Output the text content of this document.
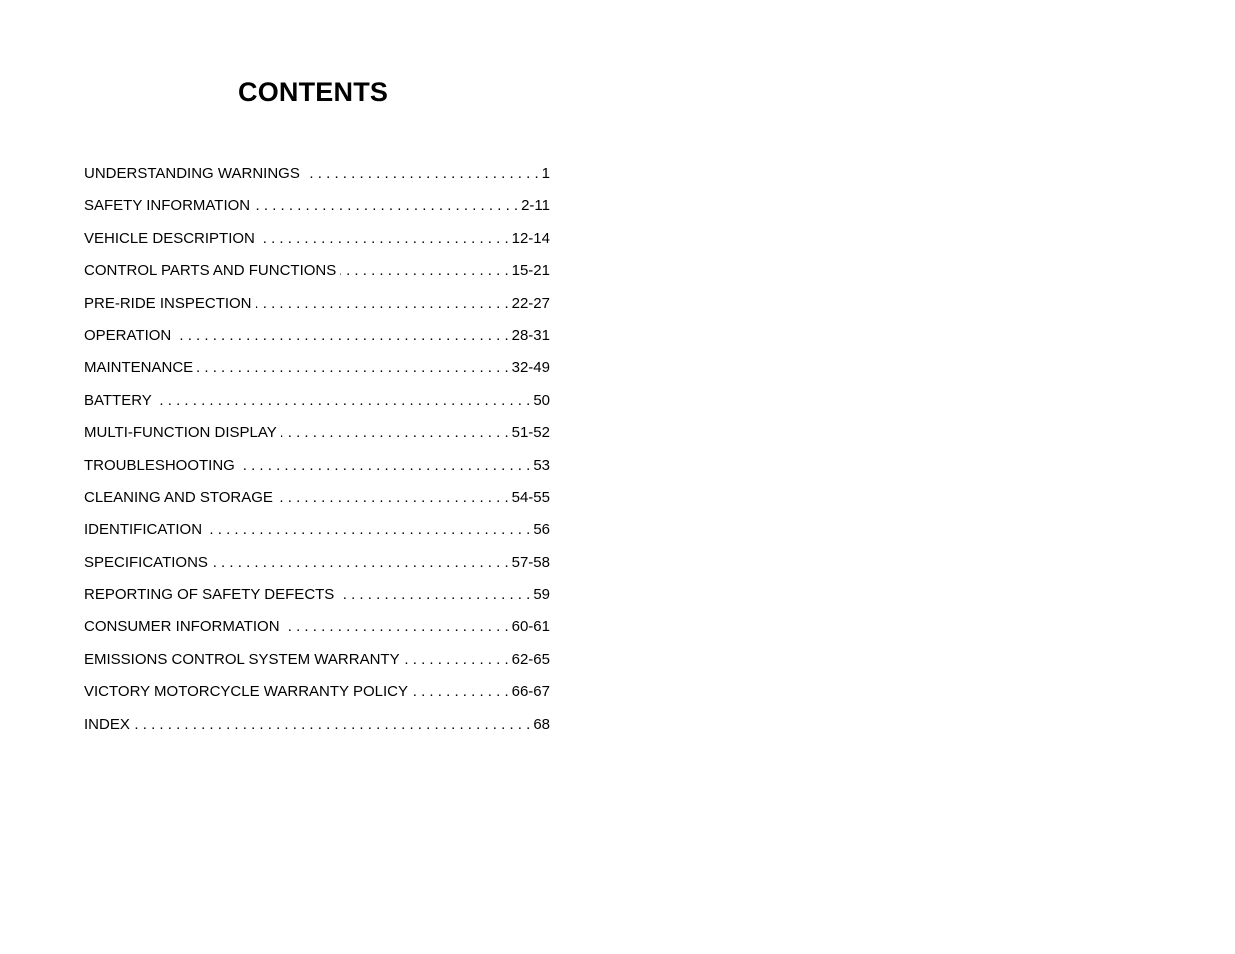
CONTENTS
UNDERSTANDING WARNINGS . . .	1
SAFETY INFORMATION . . .	2-11
VEHICLE DESCRIPTION . . .	12-14
CONTROL PARTS AND FUNCTIONS . . .	15-21
PRE-RIDE INSPECTION . . .	22-27
OPERATION . . .	28-31
MAINTENANCE . . .	32-49
BATTERY . . .	50
MULTI-FUNCTION DISPLAY . . .	51-52
TROUBLESHOOTING . . .	53
CLEANING AND STORAGE . . .	54-55
IDENTIFICATION . . .	56
SPECIFICATIONS . . .	57-58
REPORTING OF SAFETY DEFECTS . . .	59
CONSUMER INFORMATION . . .	60-61
EMISSIONS CONTROL SYSTEM WARRANTY . . .	62-65
VICTORY MOTORCYCLE WARRANTY POLICY . . .	66-67
INDEX . . .	68
